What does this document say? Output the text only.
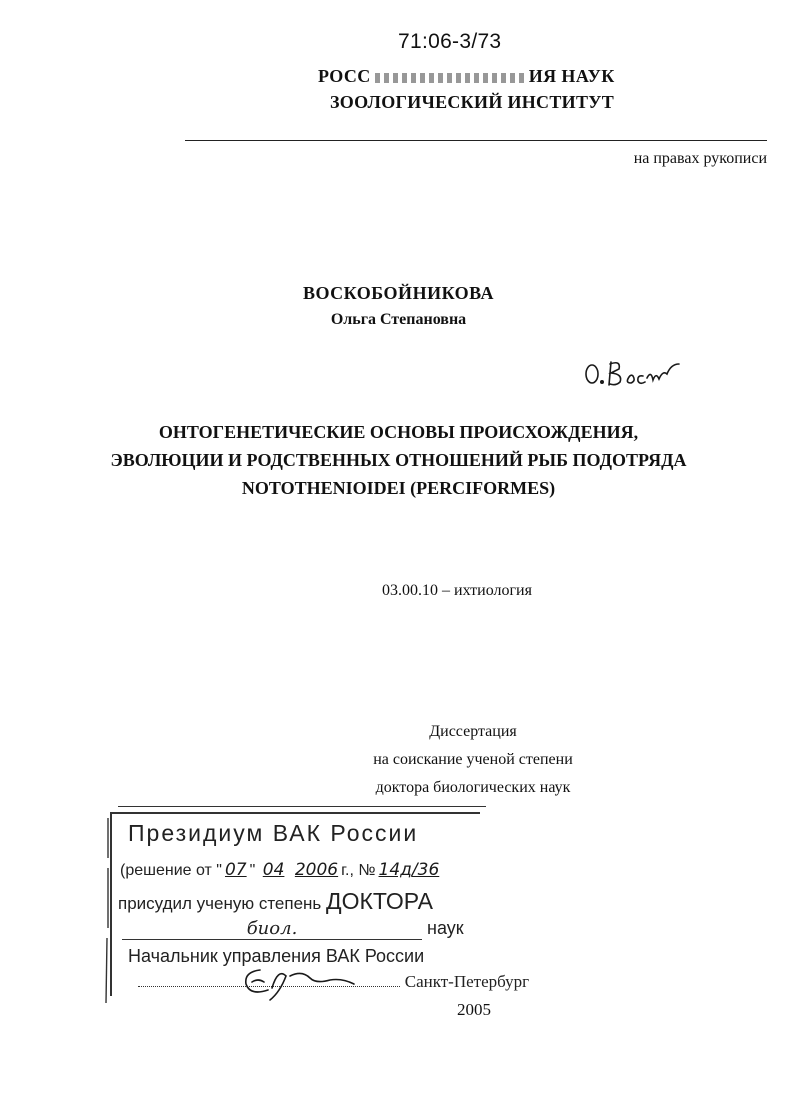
71:06-3/73
РОСС	ИЯ НАУК
ЗООЛОГИЧЕСКИЙ ИНСТИТУТ
на правах рукописи
ВОСКОБОЙНИКОВА
Ольга Степановна
ОНТОГЕНЕТИЧЕСКИЕ ОСНОВЫ ПРОИСХОЖДЕНИЯ,
ЭВОЛЮЦИИ И РОДСТВЕННЫХ ОТНОШЕНИЙ РЫБ ПОДОТРЯДА
NOTOTHENIOIDEI (PERCIFORMES)
03.00.10 – ихтиология
Диссертация
на соискание ученой степени
доктора биологических наук
Президиум ВАК России
(решение от " 07 " 04 2006 г., № 14д/36
присудил ученую степень ДОКТОРА
биол.	наук
Начальник управления ВАК России
Санкт-Петербург
2005
